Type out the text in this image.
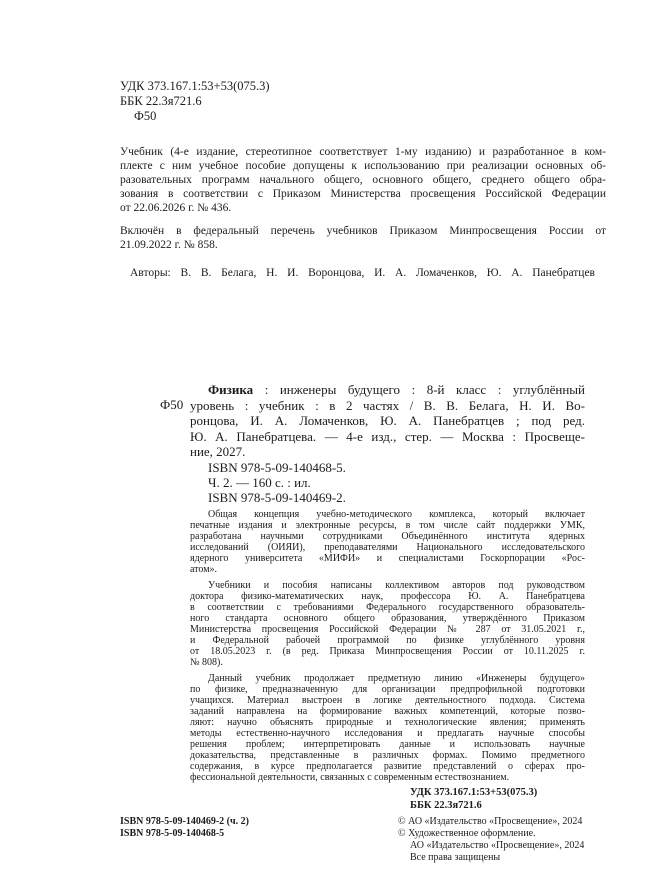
УДК 373.167.1:53+53(075.3)
ББК 22.3я721.6
Ф50
Учебник (4-е издание, стереотипное соответствует 1-му изданию) и разработанное в ком-
плекте с ним учебное пособие допущены к использованию при реализации основных об-
разовательных программ начального общего, основного общего, среднего общего обра-
зования в соответствии с Приказом Министерства просвещения Российской Федерации
от 22.06.2026 г. № 436.
Включён в федеральный перечень учебников Приказом Минпросвещения России от
21.09.2022 г. № 858.
Авторы: В. В. Белага, Н. И. Воронцова, И. А. Ломаченков, Ю. А. Панебратцев
Ф50
Физика : инженеры будущего : 8-й класс : углублённый
уровень : учебник : в 2 частях / В. В. Белага, Н. И. Во-
ронцова, И. А. Ломаченков, Ю. А. Панебратцев ; под ред.
Ю. А. Панебратцева. — 4-е изд., стер. — Москва : Просвеще-
ние, 2027.
ISBN 978-5-09-140468-5.
Ч. 2. — 160 с. : ил.
ISBN 978-5-09-140469-2.
Общая концепция учебно-методического комплекса, который включает
печатные издания и электронные ресурсы, в том числе сайт поддержки УМК,
разработана научными сотрудниками Объединённого института ядерных
исследований (ОИЯИ), преподавателями Национального исследовательского
ядерного университета «МИФИ» и специалистами Госкорпорации «Рос-
атом».
Учебники и пособия написаны коллективом авторов под руководством
доктора физико-математических наук, профессора Ю. А. Панебратцева
в соответствии с требованиями Федерального государственного образователь-
ного стандарта основного общего образования, утверждённого Приказом
Министерства просвещения Российской Федерации № 287 от 31.05.2021 г.,
и Федеральной рабочей программой по физике углублённого уровня
от 18.05.2023 г. (в ред. Приказа Минпросвещения России от 10.11.2025 г.
№ 808).
Данный учебник продолжает предметную линию «Инженеры будущего»
по физике, предназначенную для организации предпрофильной подготовки
учащихся. Материал выстроен в логике деятельностного подхода. Система
заданий направлена на формирование важных компетенций, которые позво-
ляют: научно объяснять природные и технологические явления; применять
методы естественно-научного исследования и предлагать научные способы
решения проблем; интерпретировать данные и использовать научные
доказательства, представленные в различных формах. Помимо предметного
содержания, в курсе предполагается развитие представлений о сферах про-
фессиональной деятельности, связанных с современным естествознанием.
УДК 373.167.1:53+53(075.3)
ББК 22.3я721.6
ISBN 978-5-09-140469-2 (ч. 2)
ISBN 978-5-09-140468-5
© АО «Издательство «Просвещение», 2024
© Художественное оформление.
АО «Издательство «Просвещение», 2024
Все права защищены
